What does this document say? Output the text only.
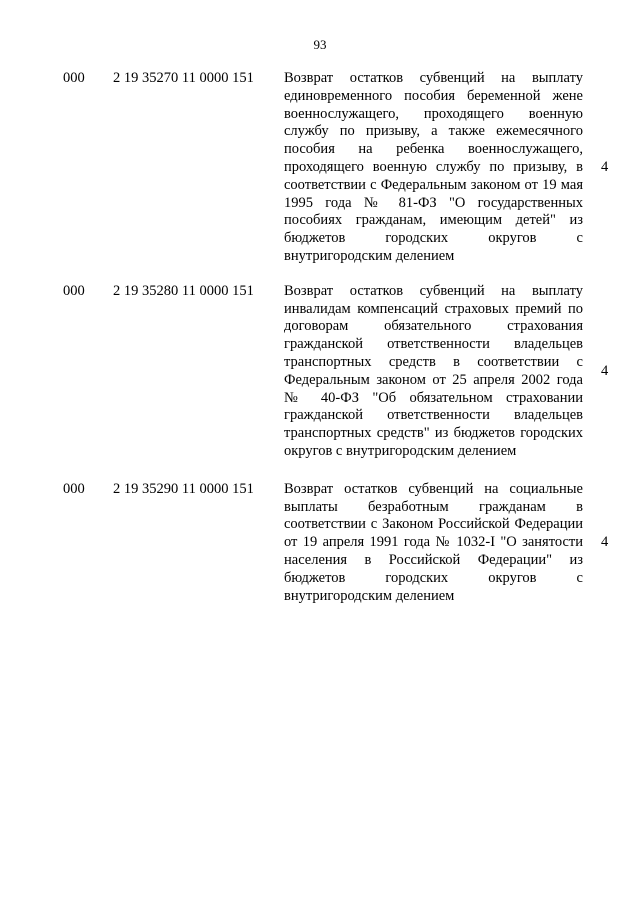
93
000 2 19 35270 11 0000 151 Возврат остатков субвенций на выплату единовременного пособия беременной жене военнослужащего, проходящего военную службу по призыву, а также ежемесячного пособия на ребенка военнослужащего, проходящего военную службу по призыву, в соответствии с Федеральным законом от 19 мая 1995 года № 81-ФЗ "О государственных пособиях гражданам, имеющим детей" из бюджетов городских округов с внутригородским делением
4
000 2 19 35280 11 0000 151 Возврат остатков субвенций на выплату инвалидам компенсаций страховых премий по договорам обязательного страхования гражданской ответственности владельцев транспортных средств в соответствии с Федеральным законом от 25 апреля 2002 года № 40-ФЗ "Об обязательном страховании гражданской ответственности владельцев транспортных средств" из бюджетов городских округов с внутригородским делением
4
000 2 19 35290 11 0000 151 Возврат остатков субвенций на социальные выплаты безработным гражданам в соответствии с Законом Российской Федерации от 19 апреля 1991 года № 1032-I "О занятости населения в Российской Федерации" из бюджетов городских округов с внутригородским делением
4
